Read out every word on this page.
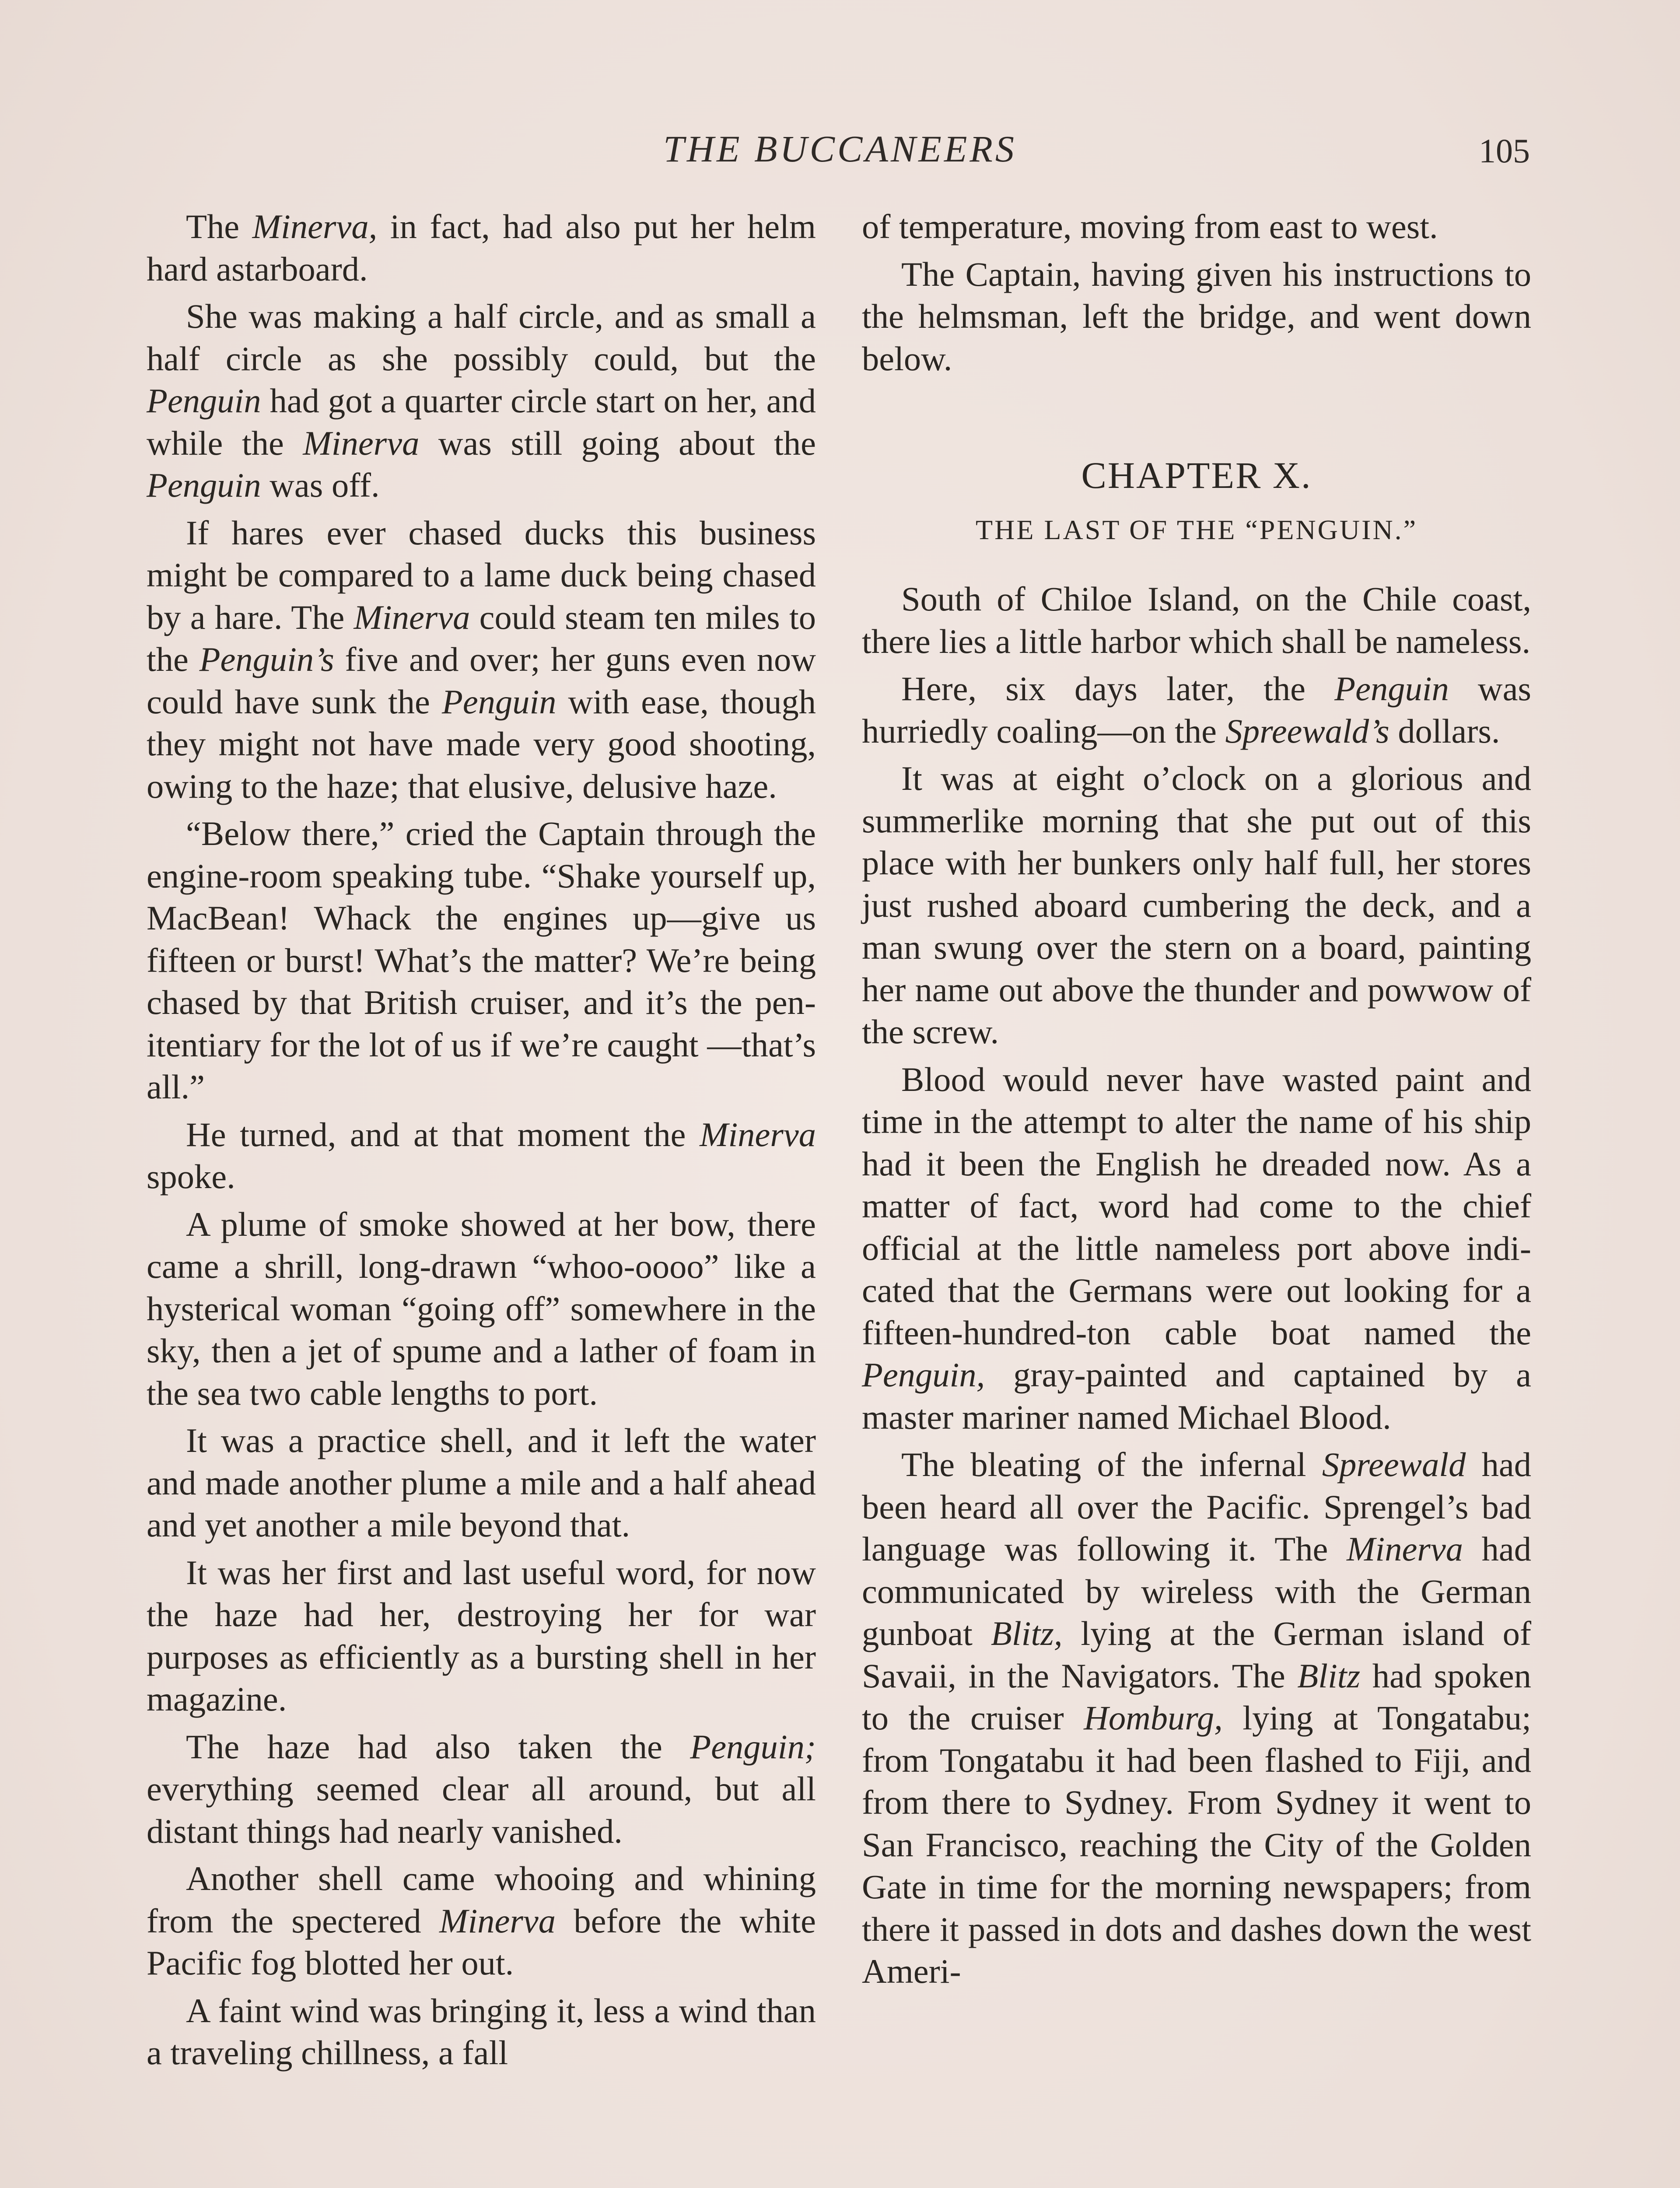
THE BUCCANEERS	105

The Minerva, in fact, had also put her helm hard astarboard.

She was making a half circle, and as small a half circle as she possibly could, but the Penguin had got a quarter circle start on her, and while the Minerva was still going about the Penguin was off.

If hares ever chased ducks this business might be compared to a lame duck being chased by a hare. The Minerva could steam ten miles to the Penguin’s five and over; her guns even now could have sunk the Penguin with ease, though they might not have made very good shooting, owing to the haze; that elusive, delusive haze.

“Below there,” cried the Captain through the engine-room speaking tube. “Shake yourself up, MacBean! Whack the engines up—give us fifteen or burst! What’s the matter? We’re being chased by that British cruiser, and it’s the penitentiary for the lot of us if we’re caught —that’s all.”

He turned, and at that moment the Minerva spoke.

A plume of smoke showed at her bow, there came a shrill, long-drawn “whoo-oooo” like a hysterical woman “going off” somewhere in the sky, then a jet of spume and a lather of foam in the sea two cable lengths to port.

It was a practice shell, and it left the water and made another plume a mile and a half ahead and yet another a mile beyond that.

It was her first and last useful word, for now the haze had her, destroying her for war purposes as efficiently as a bursting shell in her magazine.

The haze had also taken the Penguin; everything seemed clear all around, but all distant things had nearly vanished.

Another shell came whooing and whining from the spectered Minerva before the white Pacific fog blotted her out.

A faint wind was bringing it, less a wind than a traveling chillness, a fall

of temperature, moving from east to west.

The Captain, having given his instructions to the helmsman, left the bridge, and went down below.

CHAPTER X.
THE LAST OF THE “PENGUIN.”

South of Chiloe Island, on the Chile coast, there lies a little harbor which shall be nameless.

Here, six days later, the Penguin was hurriedly coaling—on the Spreewald’s dollars.

It was at eight o’clock on a glorious and summerlike morning that she put out of this place with her bunkers only half full, her stores just rushed aboard cumbering the deck, and a man swung over the stern on a board, painting her name out above the thunder and powwow of the screw.

Blood would never have wasted paint and time in the attempt to alter the name of his ship had it been the English he dreaded now. As a matter of fact, word had come to the chief official at the little nameless port above indicated that the Germans were out looking for a fifteen-hundred-ton cable boat named the Penguin, gray-painted and captained by a master mariner named Michael Blood.

The bleating of the infernal Spreewald had been heard all over the Pacific. Sprengel’s bad language was following it. The Minerva had communicated by wireless with the German gunboat Blitz, lying at the German island of Savaii, in the Navigators. The Blitz had spoken to the cruiser Homburg, lying at Tongatabu; from Tongatabu it had been flashed to Fiji, and from there to Sydney. From Sydney it went to San Francisco, reaching the City of the Golden Gate in time for the morning newspapers; from there it passed in dots and dashes down the west Ameri-
